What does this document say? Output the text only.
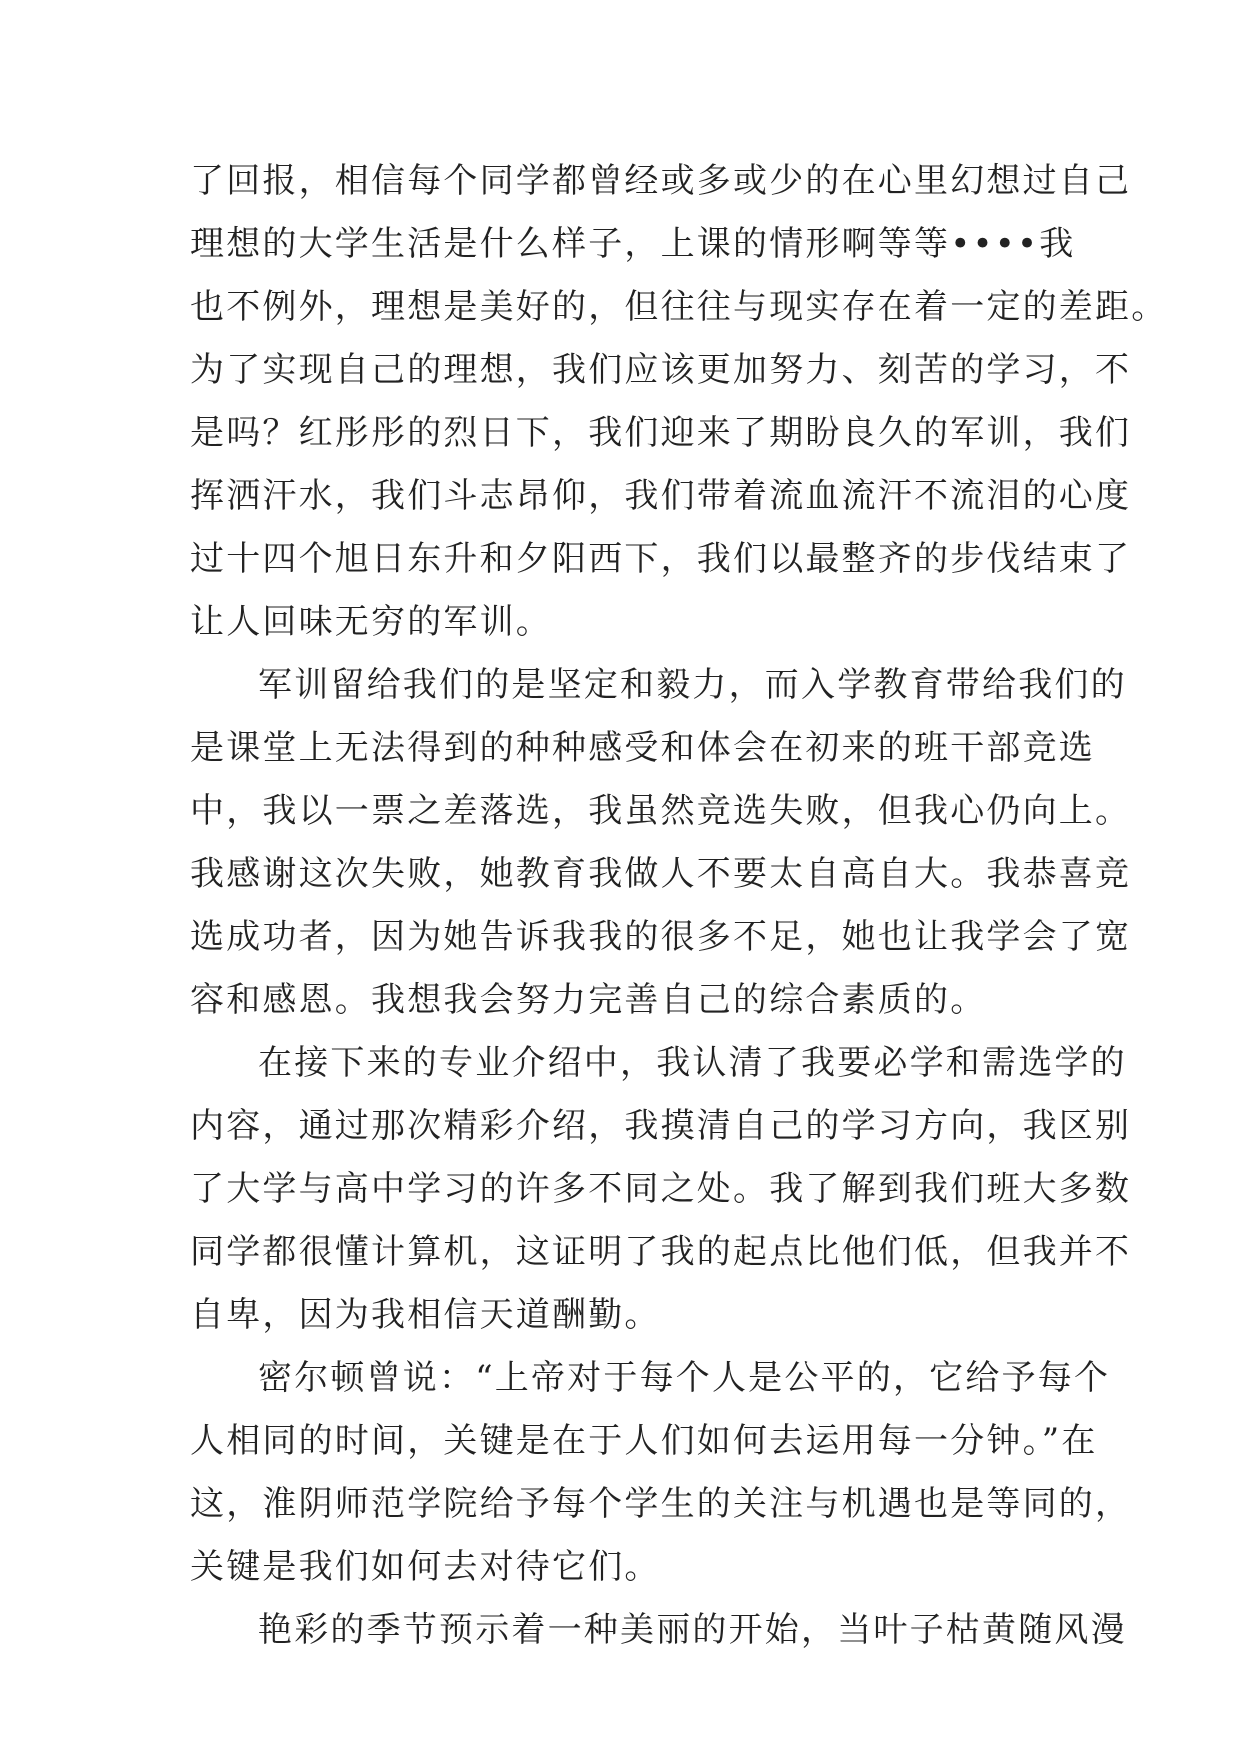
了回报，相信每个同学都曾经或多或少的在心里幻想过自己
理想的大学生活是什么样子，上课的情形啊等等••••我
也不例外，理想是美好的，但往往与现实存在着一定的差距。
为了实现自己的理想，我们应该更加努力、刻苦的学习，不
是吗？红彤彤的烈日下，我们迎来了期盼良久的军训，我们
挥洒汗水，我们斗志昂仰，我们带着流血流汗不流泪的心度
过十四个旭日东升和夕阳西下，我们以最整齐的步伐结束了
让人回味无穷的军训。
军训留给我们的是坚定和毅力，而入学教育带给我们的
是课堂上无法得到的种种感受和体会在初来的班干部竞选
中，我以一票之差落选，我虽然竞选失败，但我心仍向上。
我感谢这次失败，她教育我做人不要太自高自大。我恭喜竞
选成功者，因为她告诉我我的很多不足，她也让我学会了宽
容和感恩。我想我会努力完善自己的综合素质的。
在接下来的专业介绍中，我认清了我要必学和需选学的
内容，通过那次精彩介绍，我摸清自己的学习方向，我区别
了大学与高中学习的许多不同之处。我了解到我们班大多数
同学都很懂计算机，这证明了我的起点比他们低，但我并不
自卑，因为我相信天道酬勤。
密尔顿曾说：“上帝对于每个人是公平的，它给予每个
人相同的时间，关键是在于人们如何去运用每一分钟。”在
这，淮阴师范学院给予每个学生的关注与机遇也是等同的，
关键是我们如何去对待它们。
艳彩的季节预示着一种美丽的开始，当叶子枯黄随风漫
